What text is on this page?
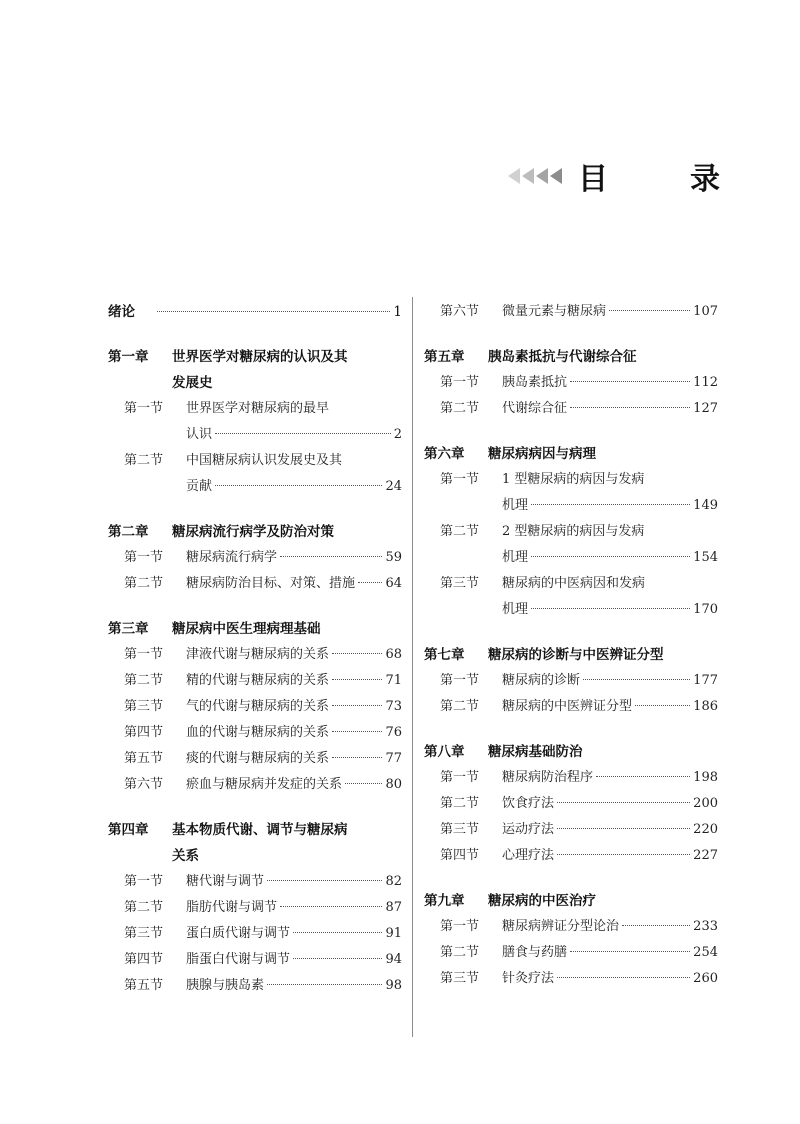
目　录
绪论	1
第一章 世界医学对糖尿病的认识及其
发展史
第一节 世界医学对糖尿病的最早
认识	2
第二节 中国糖尿病认识发展史及其
贡献	24
第二章 糖尿病流行病学及防治对策
第一节 糖尿病流行病学	59
第二节 糖尿病防治目标、对策、措施 64
第三章 糖尿病中医生理病理基础
第一节 津液代谢与糖尿病的关系	68
第二节 精的代谢与糖尿病的关系	71
第三节 气的代谢与糖尿病的关系	73
第四节 血的代谢与糖尿病的关系	76
第五节 痰的代谢与糖尿病的关系	77
第六节 瘀血与糖尿病并发症的关系	80
第四章 基本物质代谢、调节与糖尿病
关系
第一节 糖代谢与调节	82
第二节 脂肪代谢与调节	87
第三节 蛋白质代谢与调节	91
第四节 脂蛋白代谢与调节	94
第五节 胰腺与胰岛素	98
第六节 微量元素与糖尿病	107
第五章 胰岛素抵抗与代谢综合征
第一节 胰岛素抵抗	112
第二节 代谢综合征	127
第六章 糖尿病病因与病理
第一节 1 型糖尿病的病因与发病
机理	149
第二节 2 型糖尿病的病因与发病
机理	154
第三节 糖尿病的中医病因和发病
机理	170
第七章 糖尿病的诊断与中医辨证分型
第一节 糖尿病的诊断	177
第二节 糖尿病的中医辨证分型	186
第八章 糖尿病基础防治
第一节 糖尿病防治程序	198
第二节 饮食疗法	200
第三节 运动疗法	220
第四节 心理疗法	227
第九章 糖尿病的中医治疗
第一节 糖尿病辨证分型论治	233
第二节 膳食与药膳	254
第三节 针灸疗法	260
